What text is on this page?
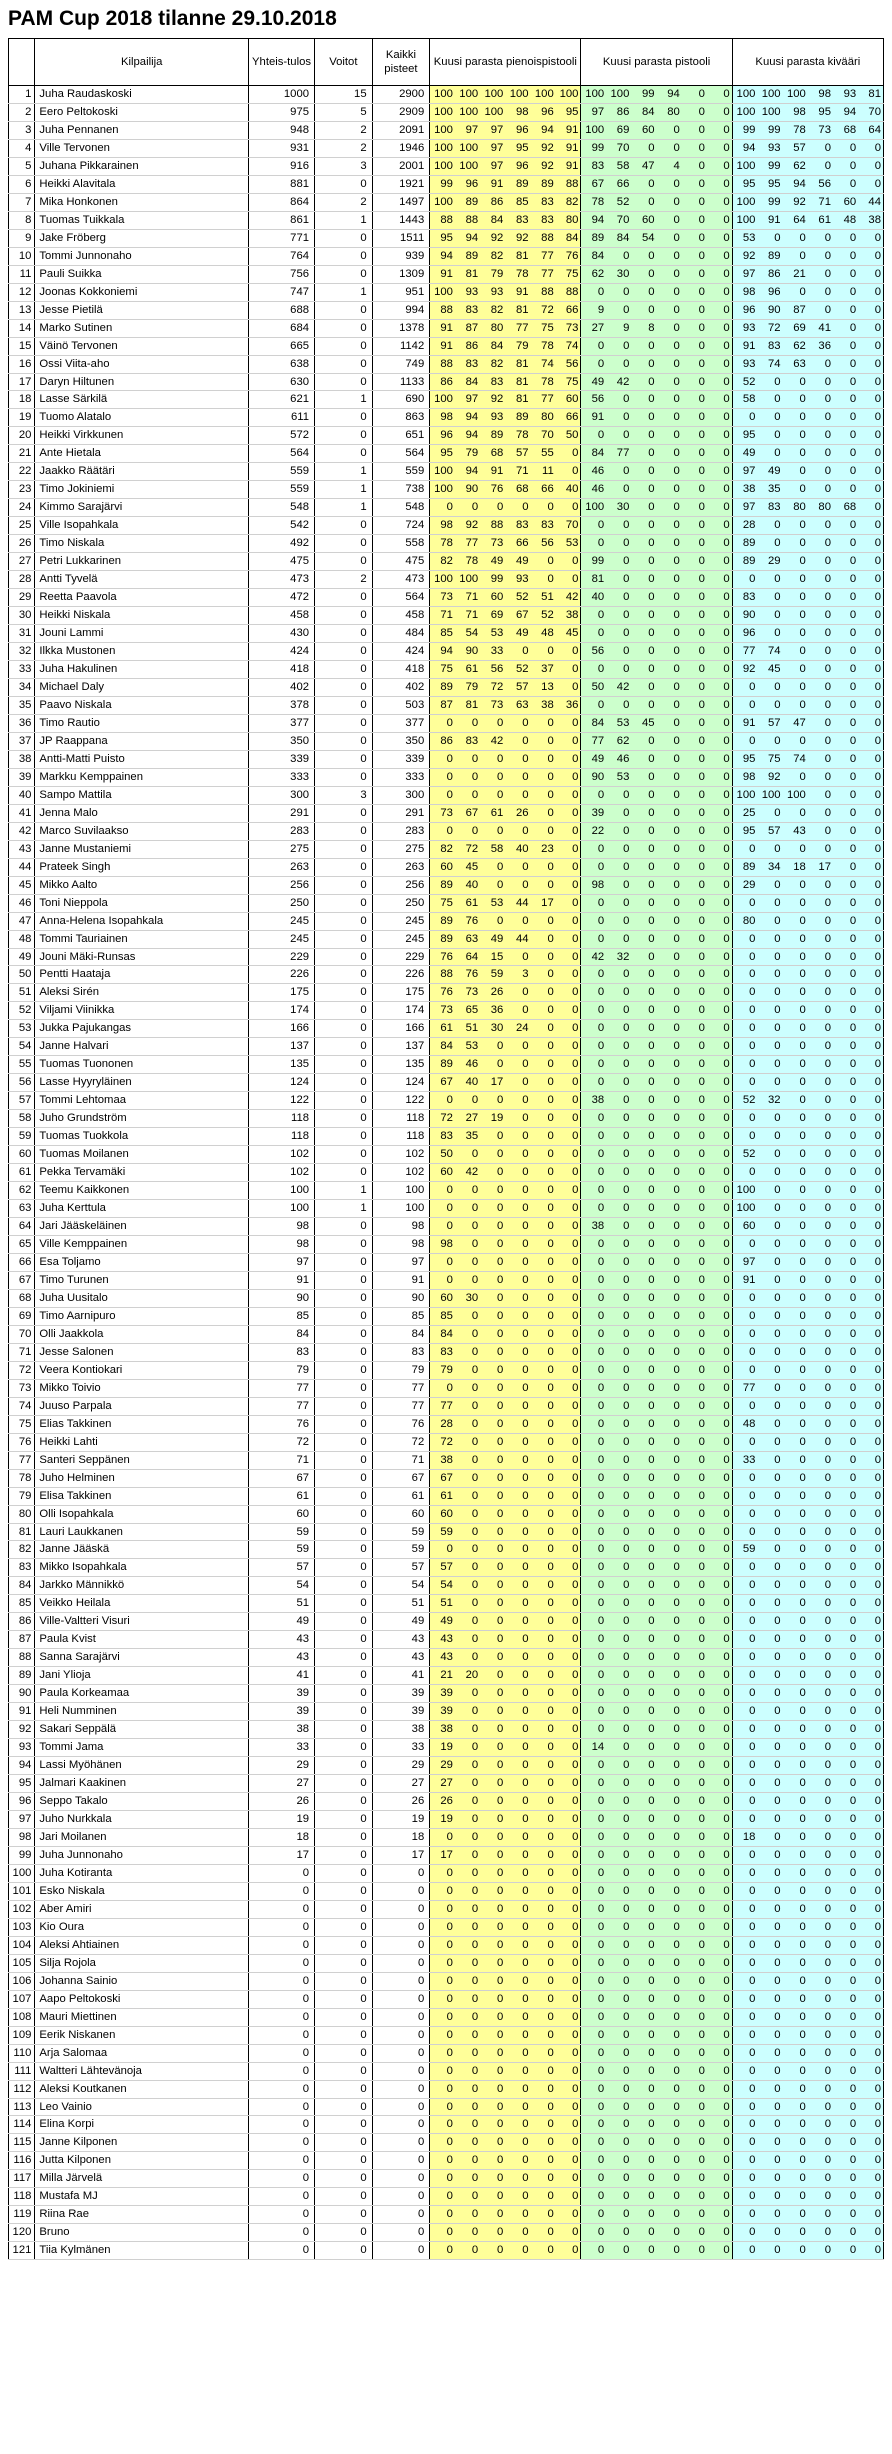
PAM Cup 2018 tilanne 29.10.2018
	Kilpailija	Yhteis-tulos	Voitot	Kaikki pisteet	Kuusi parasta pienoispistooli						Kuusi parasta pistooli						Kuusi parasta kivääri					
1	Juha Raudaskoski	1000	15	2900	100	100	100	100	100	100	100	100	99	94	0	0	100	100	100	98	93	81
2	Eero Peltokoski	975	5	2909	100	100	100	98	96	95	97	86	84	80	0	0	100	100	98	95	94	70
3	Juha Pennanen	948	2	2091	100	97	97	96	94	91	100	69	60	0	0	0	99	99	78	73	68	64
4	Ville Tervonen	931	2	1946	100	100	97	95	92	91	99	70	0	0	0	0	94	93	57	0	0	0
5	Juhana Pikkarainen	916	3	2001	100	100	97	96	92	91	83	58	47	4	0	0	100	99	62	0	0	0
6	Heikki Alavitala	881	0	1921	99	96	91	89	89	88	67	66	0	0	0	0	95	95	94	56	0	0
7	Mika Honkonen	864	2	1497	100	89	86	85	83	82	78	52	0	0	0	0	100	99	92	71	60	44
8	Tuomas Tuikkala	861	1	1443	88	88	84	83	83	80	94	70	60	0	0	0	100	91	64	61	48	38
9	Jake Fröberg	771	0	1511	95	94	92	92	88	84	89	84	54	0	0	0	53	0	0	0	0	0
10	Tommi Junnonaho	764	0	939	94	89	82	81	77	76	84	0	0	0	0	0	92	89	0	0	0	0
11	Pauli Suikka	756	0	1309	91	81	79	78	77	75	62	30	0	0	0	0	97	86	21	0	0	0
12	Joonas Kokkoniemi	747	1	951	100	93	93	91	88	88	0	0	0	0	0	0	98	96	0	0	0	0
13	Jesse Pietilä	688	0	994	88	83	82	81	72	66	9	0	0	0	0	0	96	90	87	0	0	0
14	Marko Sutinen	684	0	1378	91	87	80	77	75	73	27	9	8	0	0	0	93	72	69	41	0	0
15	Väinö Tervonen	665	0	1142	91	86	84	79	78	74	0	0	0	0	0	0	91	83	62	36	0	0
16	Ossi Viita-aho	638	0	749	88	83	82	81	74	56	0	0	0	0	0	0	93	74	63	0	0	0
17	Daryn Hiltunen	630	0	1133	86	84	83	81	78	75	49	42	0	0	0	0	52	0	0	0	0	0
18	Lasse Särkilä	621	1	690	100	97	92	81	77	60	56	0	0	0	0	0	58	0	0	0	0	0
19	Tuomo Alatalo	611	0	863	98	94	93	89	80	66	91	0	0	0	0	0	0	0	0	0	0	0
20	Heikki Virkkunen	572	0	651	96	94	89	78	70	50	0	0	0	0	0	0	95	0	0	0	0	0
21	Ante Hietala	564	0	564	95	79	68	57	55	0	84	77	0	0	0	0	49	0	0	0	0	0
22	Jaakko Räätäri	559	1	559	100	94	91	71	11	0	46	0	0	0	0	0	97	49	0	0	0	0
23	Timo Jokiniemi	559	1	738	100	90	76	68	66	40	46	0	0	0	0	0	38	35	0	0	0	0
24	Kimmo Sarajärvi	548	1	548	0	0	0	0	0	0	100	30	0	0	0	0	97	83	80	80	68	0
25	Ville Isopahkala	542	0	724	98	92	88	83	83	70	0	0	0	0	0	0	28	0	0	0	0	0
26	Timo Niskala	492	0	558	78	77	73	66	56	53	0	0	0	0	0	0	89	0	0	0	0	0
27	Petri Lukkarinen	475	0	475	82	78	49	49	0	0	99	0	0	0	0	0	89	29	0	0	0	0
28	Antti Tyvelä	473	2	473	100	100	99	93	0	0	81	0	0	0	0	0	0	0	0	0	0	0
29	Reetta Paavola	472	0	564	73	71	60	52	51	42	40	0	0	0	0	0	83	0	0	0	0	0
30	Heikki Niskala	458	0	458	71	71	69	67	52	38	0	0	0	0	0	0	90	0	0	0	0	0
31	Jouni Lammi	430	0	484	85	54	53	49	48	45	0	0	0	0	0	0	96	0	0	0	0	0
32	Ilkka Mustonen	424	0	424	94	90	33	0	0	0	56	0	0	0	0	0	77	74	0	0	0	0
33	Juha Hakulinen	418	0	418	75	61	56	52	37	0	0	0	0	0	0	0	92	45	0	0	0	0
34	Michael Daly	402	0	402	89	79	72	57	13	0	50	42	0	0	0	0	0	0	0	0	0	0
35	Paavo Niskala	378	0	503	87	81	73	63	38	36	0	0	0	0	0	0	0	0	0	0	0	0
36	Timo Rautio	377	0	377	0	0	0	0	0	0	84	53	45	0	0	0	91	57	47	0	0	0
37	JP Raappana	350	0	350	86	83	42	0	0	0	77	62	0	0	0	0	0	0	0	0	0	0
38	Antti-Matti Puisto	339	0	339	0	0	0	0	0	0	49	46	0	0	0	0	95	75	74	0	0	0
39	Markku Kemppainen	333	0	333	0	0	0	0	0	0	90	53	0	0	0	0	98	92	0	0	0	0
40	Sampo Mattila	300	3	300	0	0	0	0	0	0	0	0	0	0	0	0	100	100	100	0	0	0
41	Jenna Malo	291	0	291	73	67	61	26	0	0	39	0	0	0	0	0	25	0	0	0	0	0
42	Marco Suvilaakso	283	0	283	0	0	0	0	0	0	22	0	0	0	0	0	95	57	43	0	0	0
43	Janne Mustaniemi	275	0	275	82	72	58	40	23	0	0	0	0	0	0	0	0	0	0	0	0	0
44	Prateek Singh	263	0	263	60	45	0	0	0	0	0	0	0	0	0	0	89	34	18	17	0	0
45	Mikko Aalto	256	0	256	89	40	0	0	0	0	98	0	0	0	0	0	29	0	0	0	0	0
46	Toni Nieppola	250	0	250	75	61	53	44	17	0	0	0	0	0	0	0	0	0	0	0	0	0
47	Anna-Helena Isopahkala	245	0	245	89	76	0	0	0	0	0	0	0	0	0	0	80	0	0	0	0	0
48	Tommi Tauriainen	245	0	245	89	63	49	44	0	0	0	0	0	0	0	0	0	0	0	0	0	0
49	Jouni Mäki-Runsas	229	0	229	76	64	15	0	0	0	42	32	0	0	0	0	0	0	0	0	0	0
50	Pentti Haataja	226	0	226	88	76	59	3	0	0	0	0	0	0	0	0	0	0	0	0	0	0
51	Aleksi Sirén	175	0	175	76	73	26	0	0	0	0	0	0	0	0	0	0	0	0	0	0	0
52	Viljami Viinikka	174	0	174	73	65	36	0	0	0	0	0	0	0	0	0	0	0	0	0	0	0
53	Jukka Pajukangas	166	0	166	61	51	30	24	0	0	0	0	0	0	0	0	0	0	0	0	0	0
54	Janne Halvari	137	0	137	84	53	0	0	0	0	0	0	0	0	0	0	0	0	0	0	0	0
55	Tuomas Tuononen	135	0	135	89	46	0	0	0	0	0	0	0	0	0	0	0	0	0	0	0	0
56	Lasse Hyyryläinen	124	0	124	67	40	17	0	0	0	0	0	0	0	0	0	0	0	0	0	0	0
57	Tommi Lehtomaa	122	0	122	0	0	0	0	0	0	38	0	0	0	0	0	52	32	0	0	0	0
58	Juho Grundström	118	0	118	72	27	19	0	0	0	0	0	0	0	0	0	0	0	0	0	0	0
59	Tuomas Tuokkola	118	0	118	83	35	0	0	0	0	0	0	0	0	0	0	0	0	0	0	0	0
60	Tuomas Moilanen	102	0	102	50	0	0	0	0	0	0	0	0	0	0	0	52	0	0	0	0	0
61	Pekka Tervamäki	102	0	102	60	42	0	0	0	0	0	0	0	0	0	0	0	0	0	0	0	0
62	Teemu Kaikkonen	100	1	100	0	0	0	0	0	0	0	0	0	0	0	0	100	0	0	0	0	0
63	Juha Kerttula	100	1	100	0	0	0	0	0	0	0	0	0	0	0	0	100	0	0	0	0	0
64	Jari Jääskeläinen	98	0	98	0	0	0	0	0	0	38	0	0	0	0	0	60	0	0	0	0	0
65	Ville Kemppainen	98	0	98	98	0	0	0	0	0	0	0	0	0	0	0	0	0	0	0	0	0
66	Esa Toljamo	97	0	97	0	0	0	0	0	0	0	0	0	0	0	0	97	0	0	0	0	0
67	Timo Turunen	91	0	91	0	0	0	0	0	0	0	0	0	0	0	0	91	0	0	0	0	0
68	Juha Uusitalo	90	0	90	60	30	0	0	0	0	0	0	0	0	0	0	0	0	0	0	0	0
69	Timo Aarnipuro	85	0	85	85	0	0	0	0	0	0	0	0	0	0	0	0	0	0	0	0	0
70	Olli Jaakkola	84	0	84	84	0	0	0	0	0	0	0	0	0	0	0	0	0	0	0	0	0
71	Jesse Salonen	83	0	83	83	0	0	0	0	0	0	0	0	0	0	0	0	0	0	0	0	0
72	Veera Kontiokari	79	0	79	79	0	0	0	0	0	0	0	0	0	0	0	0	0	0	0	0	0
73	Mikko Toivio	77	0	77	0	0	0	0	0	0	0	0	0	0	0	0	77	0	0	0	0	0
74	Juuso Parpala	77	0	77	77	0	0	0	0	0	0	0	0	0	0	0	0	0	0	0	0	0
75	Elias Takkinen	76	0	76	28	0	0	0	0	0	0	0	0	0	0	0	48	0	0	0	0	0
76	Heikki Lahti	72	0	72	72	0	0	0	0	0	0	0	0	0	0	0	0	0	0	0	0	0
77	Santeri Seppänen	71	0	71	38	0	0	0	0	0	0	0	0	0	0	0	33	0	0	0	0	0
78	Juho Helminen	67	0	67	67	0	0	0	0	0	0	0	0	0	0	0	0	0	0	0	0	0
79	Elisa Takkinen	61	0	61	61	0	0	0	0	0	0	0	0	0	0	0	0	0	0	0	0	0
80	Olli Isopahkala	60	0	60	60	0	0	0	0	0	0	0	0	0	0	0	0	0	0	0	0	0
81	Lauri Laukkanen	59	0	59	59	0	0	0	0	0	0	0	0	0	0	0	0	0	0	0	0	0
82	Janne Jääskä	59	0	59	0	0	0	0	0	0	0	0	0	0	0	0	59	0	0	0	0	0
83	Mikko Isopahkala	57	0	57	57	0	0	0	0	0	0	0	0	0	0	0	0	0	0	0	0	0
84	Jarkko Männikkö	54	0	54	54	0	0	0	0	0	0	0	0	0	0	0	0	0	0	0	0	0
85	Veikko Heilala	51	0	51	51	0	0	0	0	0	0	0	0	0	0	0	0	0	0	0	0	0
86	Ville-Valtteri Visuri	49	0	49	49	0	0	0	0	0	0	0	0	0	0	0	0	0	0	0	0	0
87	Paula Kvist	43	0	43	43	0	0	0	0	0	0	0	0	0	0	0	0	0	0	0	0	0
88	Sanna Sarajärvi	43	0	43	43	0	0	0	0	0	0	0	0	0	0	0	0	0	0	0	0	0
89	Jani Ylioja	41	0	41	21	20	0	0	0	0	0	0	0	0	0	0	0	0	0	0	0	0
90	Paula Korkeamaa	39	0	39	39	0	0	0	0	0	0	0	0	0	0	0	0	0	0	0	0	0
91	Heli Numminen	39	0	39	39	0	0	0	0	0	0	0	0	0	0	0	0	0	0	0	0	0
92	Sakari Seppälä	38	0	38	38	0	0	0	0	0	0	0	0	0	0	0	0	0	0	0	0	0
93	Tommi Jama	33	0	33	19	0	0	0	0	0	14	0	0	0	0	0	0	0	0	0	0	0
94	Lassi Myöhänen	29	0	29	29	0	0	0	0	0	0	0	0	0	0	0	0	0	0	0	0	0
95	Jalmari Kaakinen	27	0	27	27	0	0	0	0	0	0	0	0	0	0	0	0	0	0	0	0	0
96	Seppo Takalo	26	0	26	26	0	0	0	0	0	0	0	0	0	0	0	0	0	0	0	0	0
97	Juho Nurkkala	19	0	19	19	0	0	0	0	0	0	0	0	0	0	0	0	0	0	0	0	0
98	Jari Moilanen	18	0	18	0	0	0	0	0	0	0	0	0	0	0	0	18	0	0	0	0	0
99	Juha Junnonaho	17	0	17	17	0	0	0	0	0	0	0	0	0	0	0	0	0	0	0	0	0
100	Juha Kotiranta	0	0	0	0	0	0	0	0	0	0	0	0	0	0	0	0	0	0	0	0	0
101	Esko Niskala	0	0	0	0	0	0	0	0	0	0	0	0	0	0	0	0	0	0	0	0	0
102	Aber Amiri	0	0	0	0	0	0	0	0	0	0	0	0	0	0	0	0	0	0	0	0	0
103	Kio Oura	0	0	0	0	0	0	0	0	0	0	0	0	0	0	0	0	0	0	0	0	0
104	Aleksi Ahtiainen	0	0	0	0	0	0	0	0	0	0	0	0	0	0	0	0	0	0	0	0	0
105	Silja Rojola	0	0	0	0	0	0	0	0	0	0	0	0	0	0	0	0	0	0	0	0	0
106	Johanna Sainio	0	0	0	0	0	0	0	0	0	0	0	0	0	0	0	0	0	0	0	0	0
107	Aapo Peltokoski	0	0	0	0	0	0	0	0	0	0	0	0	0	0	0	0	0	0	0	0	0
108	Mauri Miettinen	0	0	0	0	0	0	0	0	0	0	0	0	0	0	0	0	0	0	0	0	0
109	Eerik Niskanen	0	0	0	0	0	0	0	0	0	0	0	0	0	0	0	0	0	0	0	0	0
110	Arja Salomaa	0	0	0	0	0	0	0	0	0	0	0	0	0	0	0	0	0	0	0	0	0
111	Waltteri Lähtevänoja	0	0	0	0	0	0	0	0	0	0	0	0	0	0	0	0	0	0	0	0	0
112	Aleksi Koutkanen	0	0	0	0	0	0	0	0	0	0	0	0	0	0	0	0	0	0	0	0	0
113	Leo Vainio	0	0	0	0	0	0	0	0	0	0	0	0	0	0	0	0	0	0	0	0	0
114	Elina Korpi	0	0	0	0	0	0	0	0	0	0	0	0	0	0	0	0	0	0	0	0	0
115	Janne Kilponen	0	0	0	0	0	0	0	0	0	0	0	0	0	0	0	0	0	0	0	0	0
116	Jutta Kilponen	0	0	0	0	0	0	0	0	0	0	0	0	0	0	0	0	0	0	0	0	0
117	Milla Järvelä	0	0	0	0	0	0	0	0	0	0	0	0	0	0	0	0	0	0	0	0	0
118	Mustafa MJ	0	0	0	0	0	0	0	0	0	0	0	0	0	0	0	0	0	0	0	0	0
119	Riina Rae	0	0	0	0	0	0	0	0	0	0	0	0	0	0	0	0	0	0	0	0	0
120	Bruno	0	0	0	0	0	0	0	0	0	0	0	0	0	0	0	0	0	0	0	0	0
121	Tiia Kylmänen	0	0	0	0	0	0	0	0	0	0	0	0	0	0	0	0	0	0	0	0	0
